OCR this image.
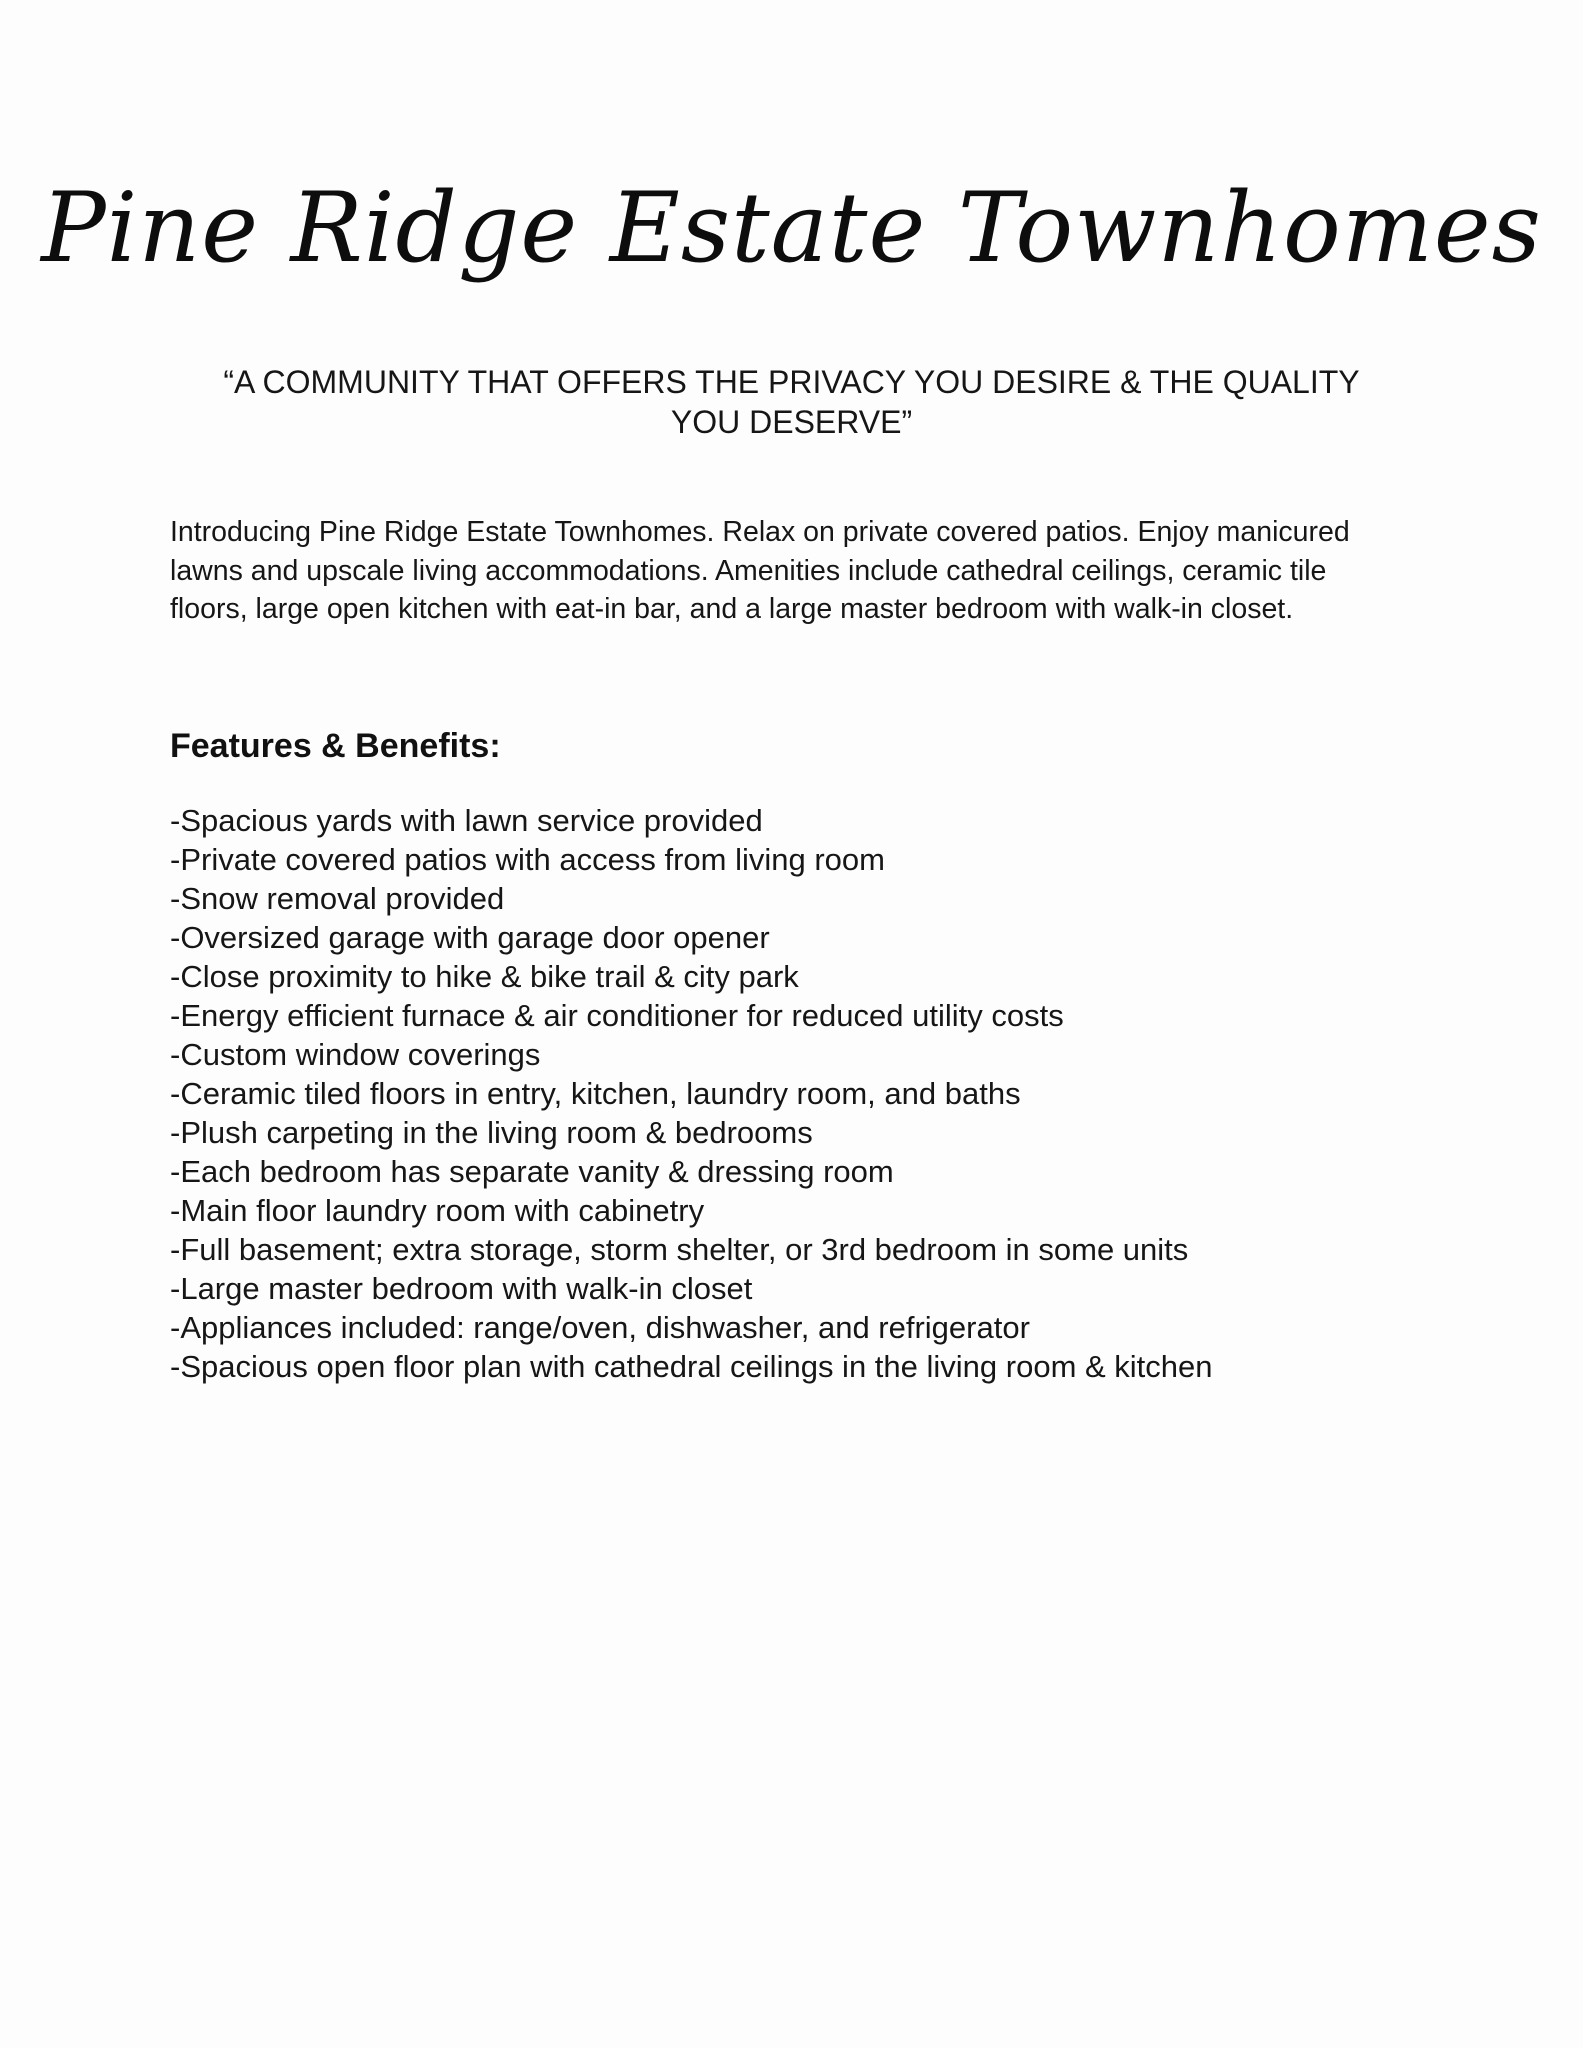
Pine Ridge Estate Townhomes

“A COMMUNITY THAT OFFERS THE PRIVACY YOU DESIRE & THE QUALITY YOU DESERVE”

Introducing Pine Ridge Estate Townhomes. Relax on private covered patios. Enjoy manicured lawns and upscale living accommodations. Amenities include cathedral ceilings, ceramic tile floors, large open kitchen with eat-in bar, and a large master bedroom with walk-in closet.

Features & Benefits:
-Spacious yards with lawn service provided
-Private covered patios with access from living room
-Snow removal provided
-Oversized garage with garage door opener
-Close proximity to hike & bike trail & city park
-Energy efficient furnace & air conditioner for reduced utility costs
-Custom window coverings
-Ceramic tiled floors in entry, kitchen, laundry room, and baths
-Plush carpeting in the living room & bedrooms
-Each bedroom has separate vanity & dressing room
-Main floor laundry room with cabinetry
-Full basement; extra storage, storm shelter, or 3rd bedroom in some units
-Large master bedroom with walk-in closet
-Appliances included: range/oven, dishwasher, and refrigerator
-Spacious open floor plan with cathedral ceilings in the living room & kitchen
